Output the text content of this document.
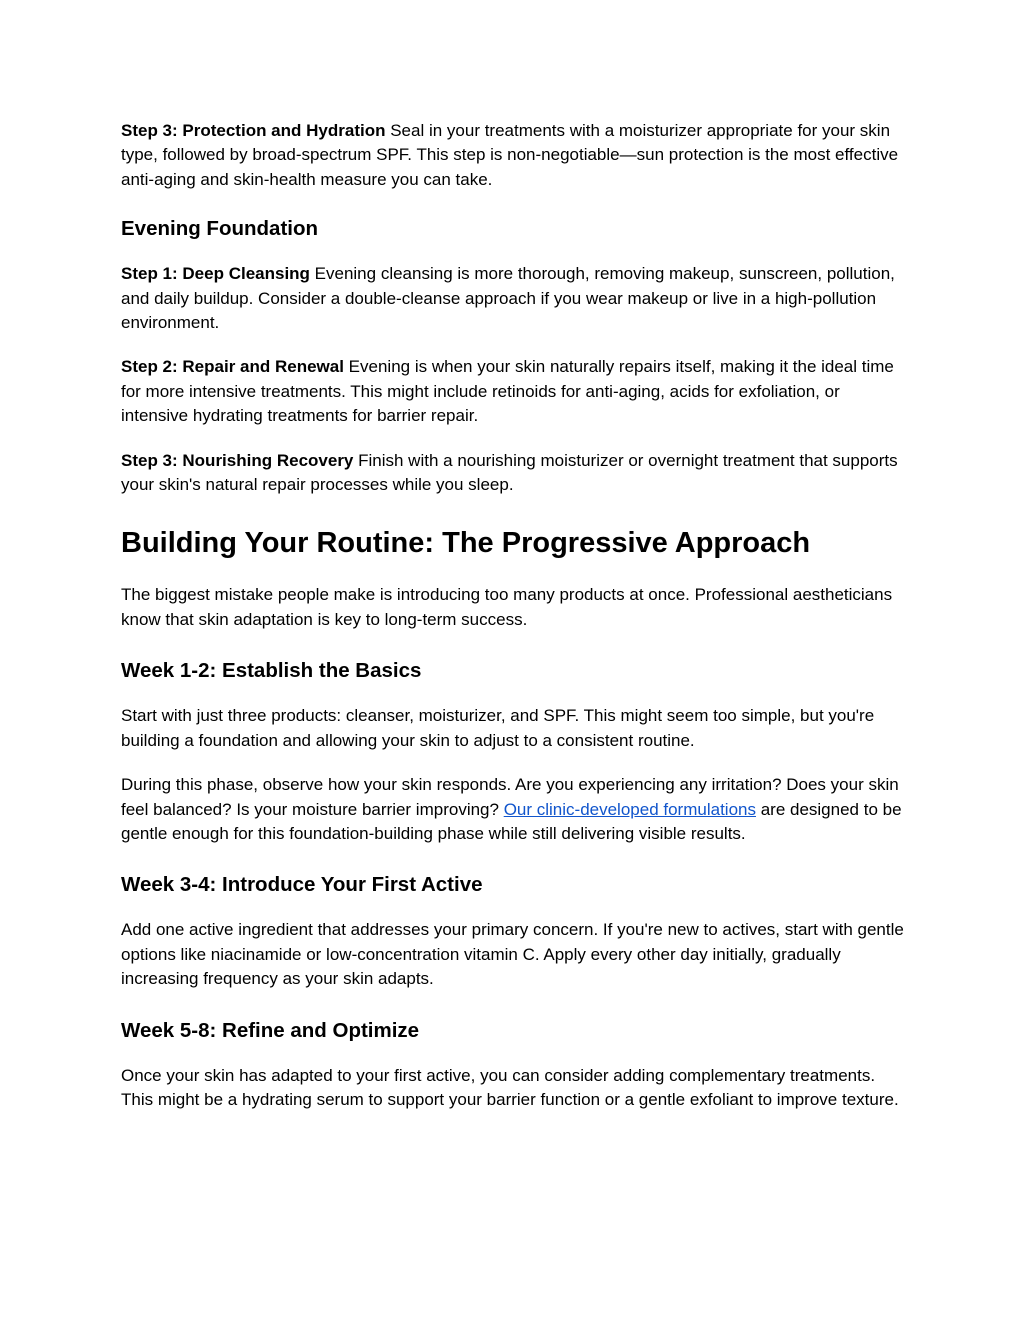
Step 3: Protection and Hydration Seal in your treatments with a moisturizer appropriate for your skin type, followed by broad-spectrum SPF. This step is non-negotiable—sun protection is the most effective anti-aging and skin-health measure you can take.

Evening Foundation

Step 1: Deep Cleansing Evening cleansing is more thorough, removing makeup, sunscreen, pollution, and daily buildup. Consider a double-cleanse approach if you wear makeup or live in a high-pollution environment.

Step 2: Repair and Renewal Evening is when your skin naturally repairs itself, making it the ideal time for more intensive treatments. This might include retinoids for anti-aging, acids for exfoliation, or intensive hydrating treatments for barrier repair.

Step 3: Nourishing Recovery Finish with a nourishing moisturizer or overnight treatment that supports your skin's natural repair processes while you sleep.

Building Your Routine: The Progressive Approach

The biggest mistake people make is introducing too many products at once. Professional aestheticians know that skin adaptation is key to long-term success.

Week 1-2: Establish the Basics

Start with just three products: cleanser, moisturizer, and SPF. This might seem too simple, but you're building a foundation and allowing your skin to adjust to a consistent routine.

During this phase, observe how your skin responds. Are you experiencing any irritation? Does your skin feel balanced? Is your moisture barrier improving? Our clinic-developed formulations are designed to be gentle enough for this foundation-building phase while still delivering visible results.

Week 3-4: Introduce Your First Active

Add one active ingredient that addresses your primary concern. If you're new to actives, start with gentle options like niacinamide or low-concentration vitamin C. Apply every other day initially, gradually increasing frequency as your skin adapts.

Week 5-8: Refine and Optimize

Once your skin has adapted to your first active, you can consider adding complementary treatments. This might be a hydrating serum to support your barrier function or a gentle exfoliant to improve texture.
